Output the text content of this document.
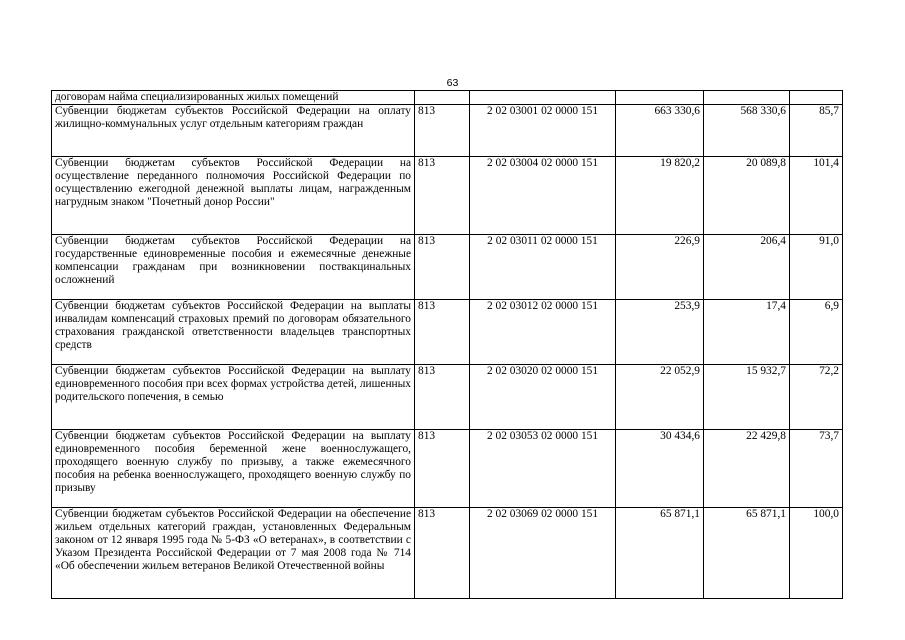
63
договорам найма специализированных жилых помещений					
Субвенции бюджетам субъектов Российской Федерации на оплату жилищно-коммунальных услуг отдельным категориям граждан	813	2 02 03001 02 0000 151	663 330,6	568 330,6	85,7
Субвенции бюджетам субъектов Российской Федерации на осуществление переданного полномочия Российской Федерации по осуществлению ежегодной денежной выплаты лицам, награжденным нагрудным знаком "Почетный донор России"	813	2 02 03004 02 0000 151	19 820,2	20 089,8	101,4
Субвенции бюджетам субъектов Российской Федерации на государственные единовременные пособия и ежемесячные денежные компенсации гражданам при возникновении поствакцинальных осложнений	813	2 02 03011 02 0000 151	226,9	206,4	91,0
Субвенции бюджетам субъектов Российской Федерации на выплаты инвалидам компенсаций страховых премий по договорам обязательного страхования гражданской ответственности владельцев транспортных средств	813	2 02 03012 02 0000 151	253,9	17,4	6,9
Субвенции бюджетам субъектов Российской Федерации на выплату единовременного пособия при всех формах устройства детей, лишенных родительского попечения, в семью	813	2 02 03020 02 0000 151	22 052,9	15 932,7	72,2
Субвенции бюджетам субъектов Российской Федерации на выплату единовременного пособия беременной жене военнослужащего, проходящего военную службу по призыву, а также ежемесячного пособия на ребенка военнослужащего, проходящего военную службу по призыву	813	2 02 03053 02 0000 151	30 434,6	22 429,8	73,7
Субвенции бюджетам субъектов Российской Федерации на обеспечение жильем отдельных категорий граждан, установленных Федеральным законом от 12 января 1995 года № 5-ФЗ «О ветеранах», в соответствии с Указом Президента Российской Федерации от 7 мая 2008 года № 714 «Об обеспечении жильем ветеранов Великой Отечественной войны	813	2 02 03069 02 0000 151	65 871,1	65 871,1	100,0
